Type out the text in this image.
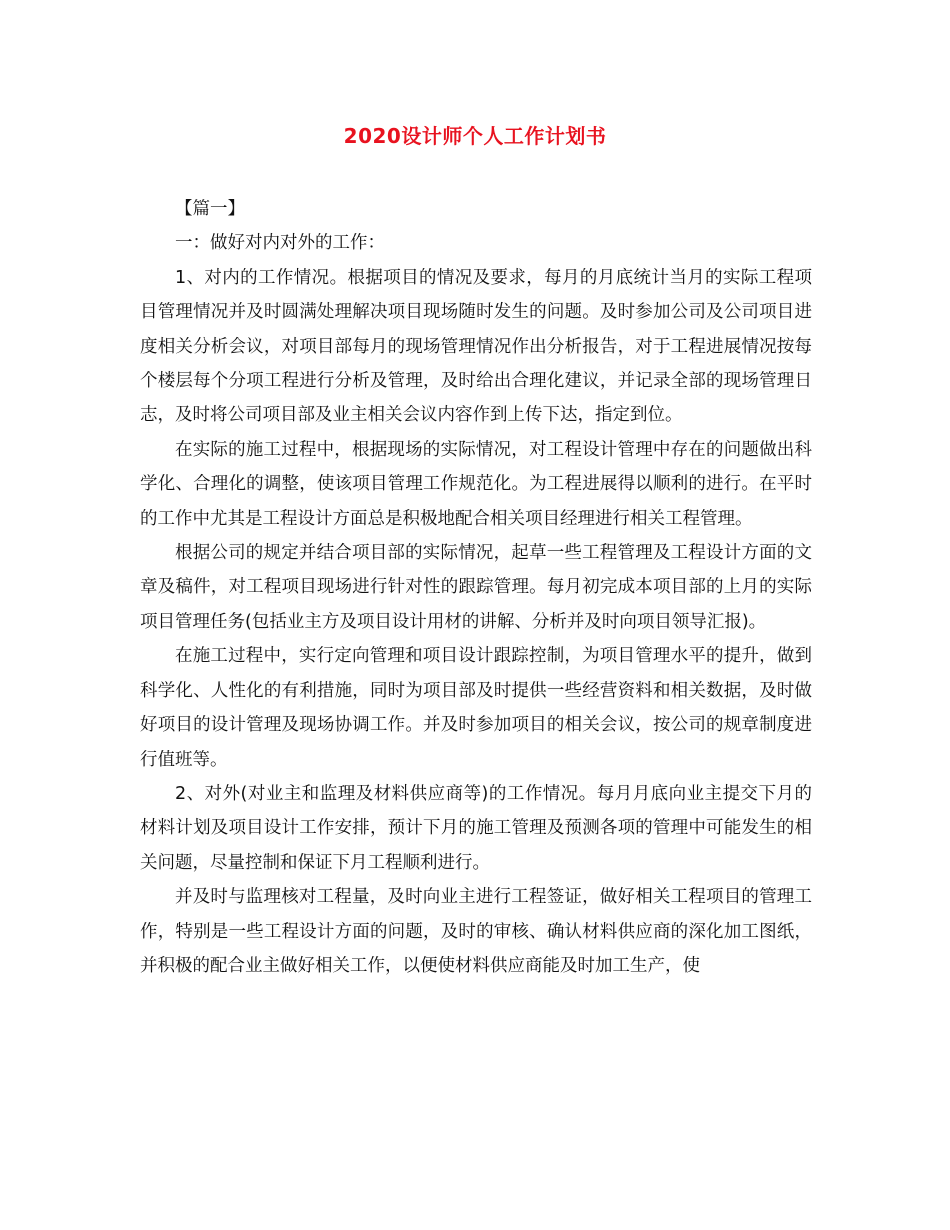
2020设计师个人工作计划书

【篇一】

一：做好对内对外的工作：

1、对内的工作情况。根据项目的情况及要求，每月的月底统计当月的实际工程项目管理情况并及时圆满处理解决项目现场随时发生的问题。及时参加公司及公司项目进度相关分析会议，对项目部每月的现场管理情况作出分析报告，对于工程进展情况按每个楼层每个分项工程进行分析及管理，及时给出合理化建议，并记录全部的现场管理日志，及时将公司项目部及业主相关会议内容作到上传下达，指定到位。

在实际的施工过程中，根据现场的实际情况，对工程设计管理中存在的问题做出科学化、合理化的调整，使该项目管理工作规范化。为工程进展得以顺利的进行。在平时的工作中尤其是工程设计方面总是积极地配合相关项目经理进行相关工程管理。

根据公司的规定并结合项目部的实际情况，起草一些工程管理及工程设计方面的文章及稿件，对工程项目现场进行针对性的跟踪管理。每月初完成本项目部的上月的实际项目管理任务(包括业主方及项目设计用材的讲解、分析并及时向项目领导汇报)。

在施工过程中，实行定向管理和项目设计跟踪控制，为项目管理水平的提升，做到科学化、人性化的有利措施，同时为项目部及时提供一些经营资料和相关数据，及时做好项目的设计管理及现场协调工作。并及时参加项目的相关会议，按公司的规章制度进行值班等。

2、对外(对业主和监理及材料供应商等)的工作情况。每月月底向业主提交下月的材料计划及项目设计工作安排，预计下月的施工管理及预测各项的管理中可能发生的相关问题，尽量控制和保证下月工程顺利进行。

并及时与监理核对工程量，及时向业主进行工程签证，做好相关工程项目的管理工作，特别是一些工程设计方面的问题，及时的审核、确认材料供应商的深化加工图纸，并积极的配合业主做好相关工作，以便使材料供应商能及时加工生产，使
